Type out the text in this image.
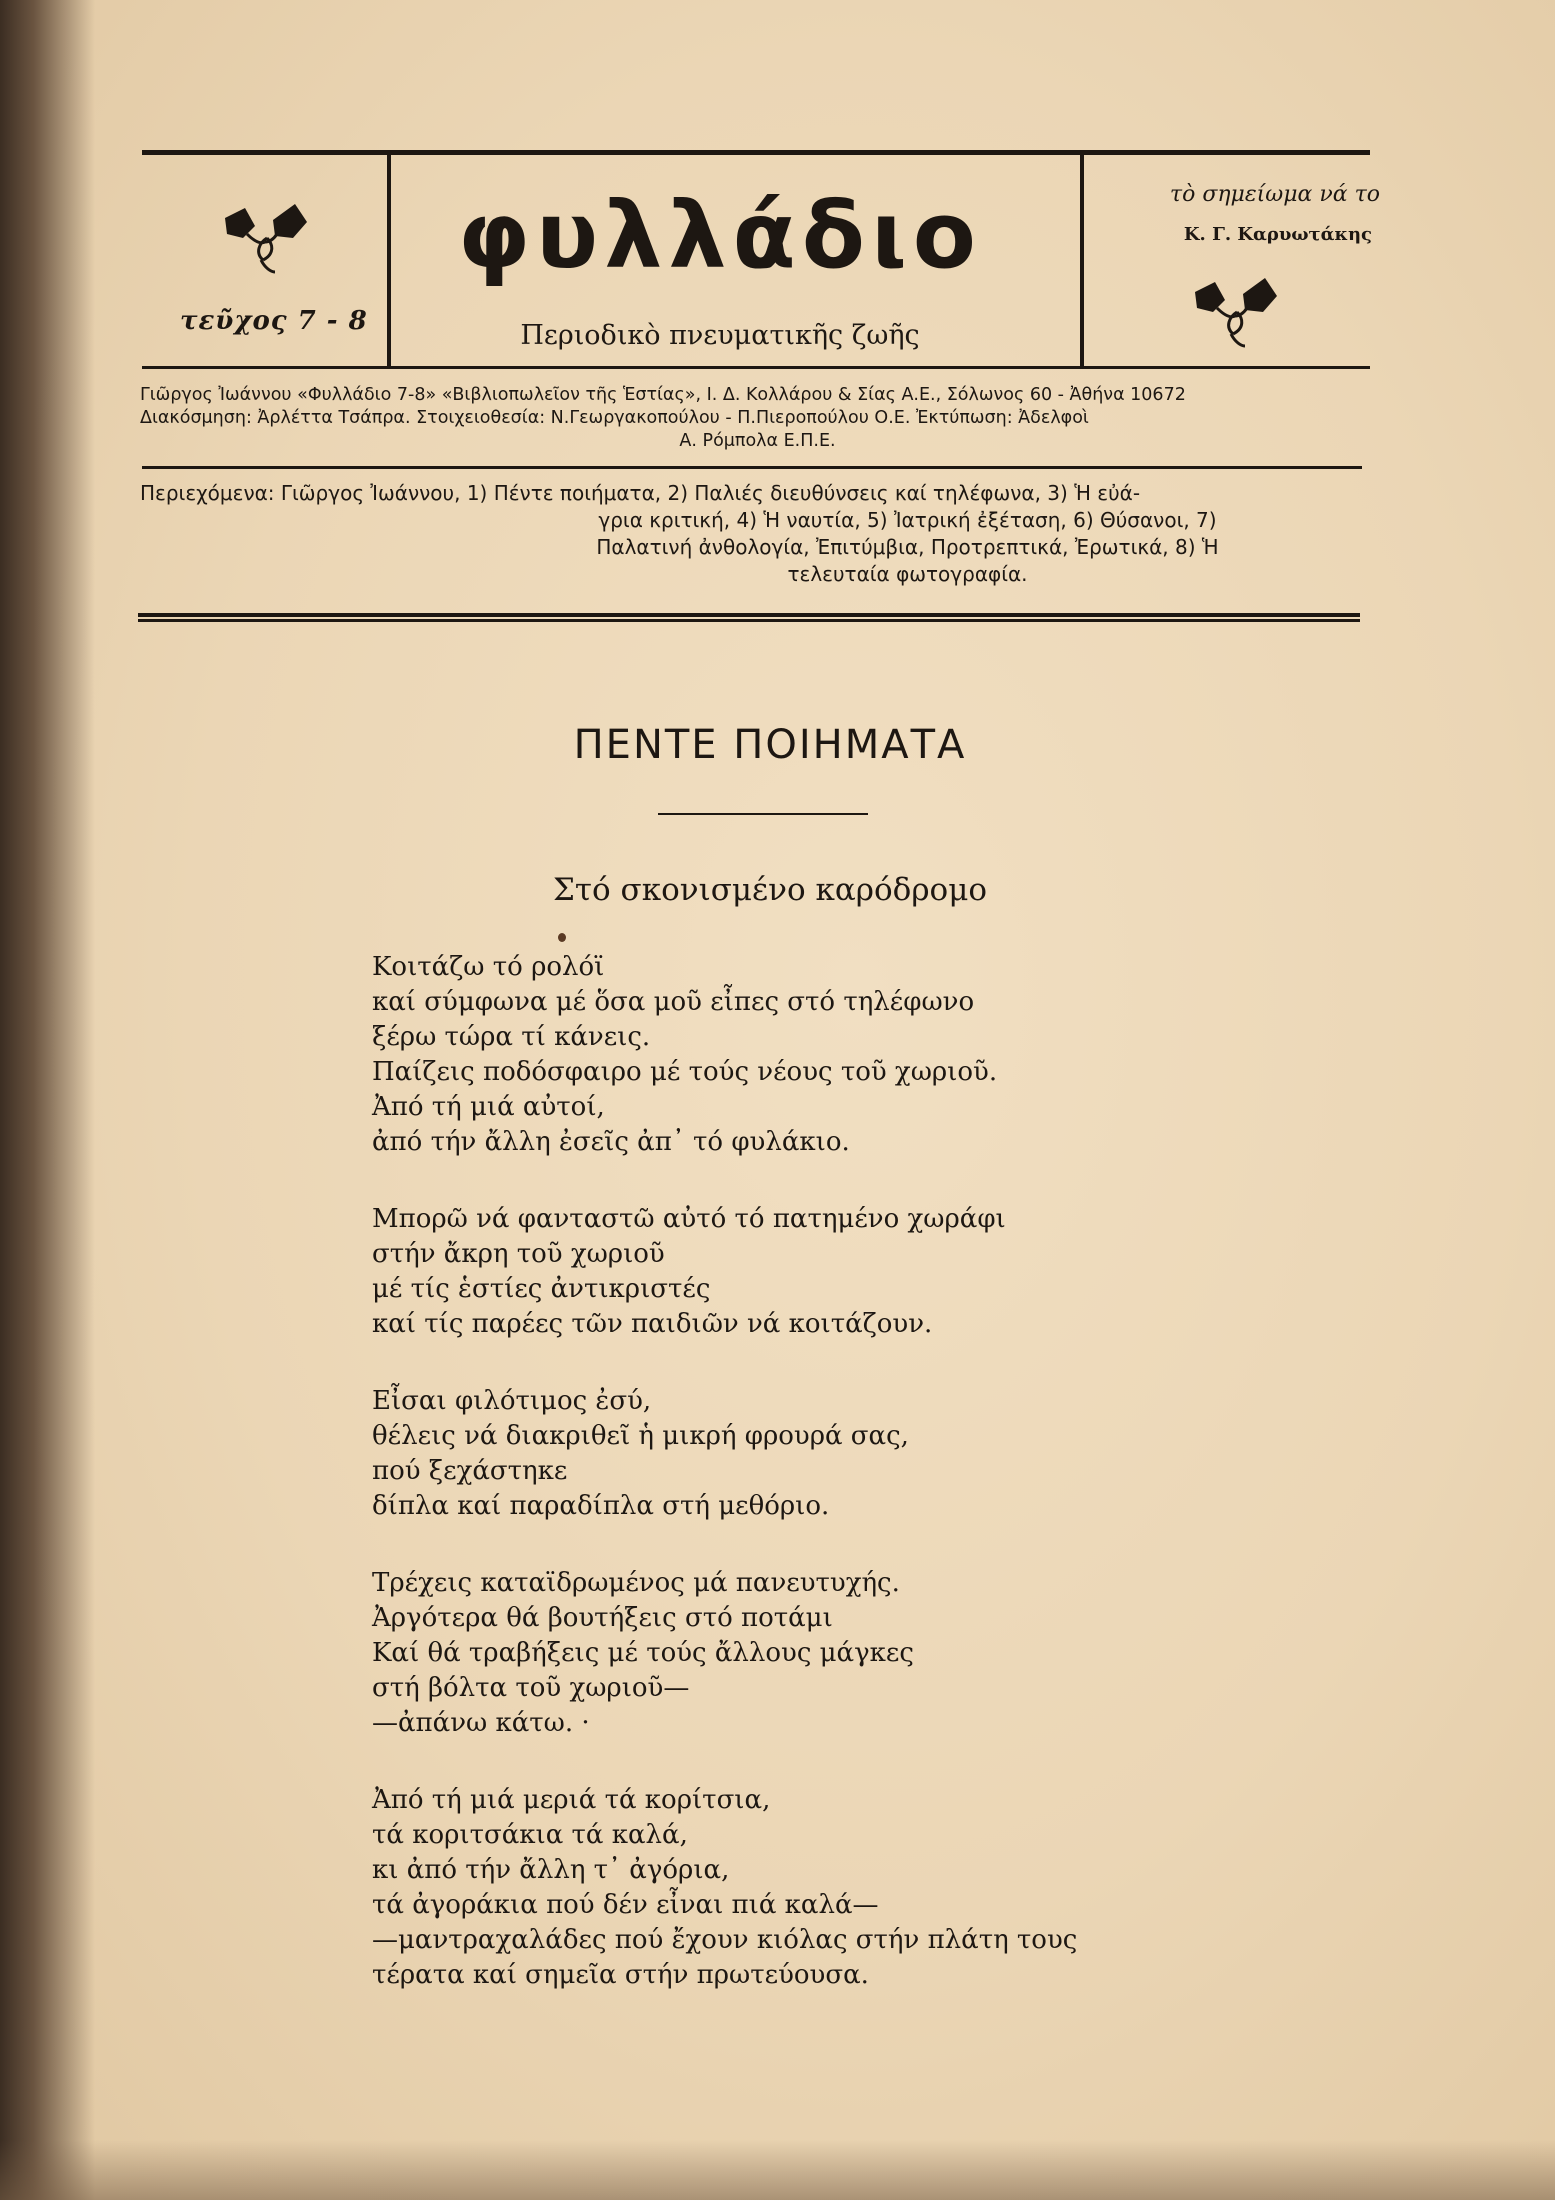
τεῦχος 7 - 8
φυλλάδιο
Περιοδικὸ πνευματικῆς ζωῆς
τὸ σημείωμα νά το
Κ. Γ. Καρυωτάκης
Γιῶργος Ἰωάννου «Φυλλάδιο 7-8» «Βιβλιοπωλεῖον τῆς Ἑστίας», Ι. Δ. Κολλάρου & Σίας Α.Ε., Σόλωνος 60 - Ἀθήνα 10672
Διακόσμηση: Ἀρλέττα Τσάπρα. Στοιχειοθεσία: Ν.Γεωργακοπούλου - Π.Πιεροπούλου Ο.Ε. Ἐκτύπωση: Ἀδελφοὶ
Α. Ρόμπολα Ε.Π.Ε.
Περιεχόμενα: Γιῶργος Ἰωάννου, 1) Πέντε ποιήματα, 2) Παλιές διευθύνσεις καί τηλέφωνα, 3) Ἡ εὐά-
γρια κριτική, 4) Ἡ ναυτία, 5) Ἰατρική ἐξέταση, 6) Θύσανοι, 7)
Παλατινή ἀνθολογία, Ἐπιτύμβια, Προτρεπτικά, Ἐρωτικά, 8) Ἡ
τελευταία φωτογραφία.
ΠΕΝΤΕ ΠΟΙΗΜΑΤΑ
Στό σκονισμένο καρόδρομο
Κοιτάζω τό ρολόϊ
καί σύμφωνα μέ ὅσα μοῦ εἶπες στό τηλέφωνο
ξέρω τώρα τί κάνεις.
Παίζεις ποδόσφαιρο μέ τούς νέους τοῦ χωριοῦ.
Ἀπό τή μιά αὐτοί,
ἀπό τήν ἄλλη ἐσεῖς ἀπ᾿ τό φυλάκιο.
Μπορῶ νά φανταστῶ αὐτό τό πατημένο χωράφι
στήν ἄκρη τοῦ χωριοῦ
μέ τίς ἑστίες ἀντικριστές
καί τίς παρέες τῶν παιδιῶν νά κοιτάζουν.
Εἶσαι φιλότιμος ἐσύ,
θέλεις νά διακριθεῖ ἡ μικρή φρουρά σας,
πού ξεχάστηκε
δίπλα καί παραδίπλα στή μεθόριο.
Τρέχεις καταϊδρωμένος μά πανευτυχής.
Ἀργότερα θά βουτήξεις στό ποτάμι
Καί θά τραβήξεις μέ τούς ἄλλους μάγκες
στή βόλτα τοῦ χωριοῦ—
—ἀπάνω κάτω. ·
Ἀπό τή μιά μεριά τά κορίτσια,
τά κοριτσάκια τά καλά,
κι ἀπό τήν ἄλλη τ᾿ ἀγόρια,
τά ἀγοράκια πού δέν εἶναι πιά καλά—
—μαντραχαλάδες πού ἔχουν κιόλας στήν πλάτη τους
τέρατα καί σημεῖα στήν πρωτεύουσα.
